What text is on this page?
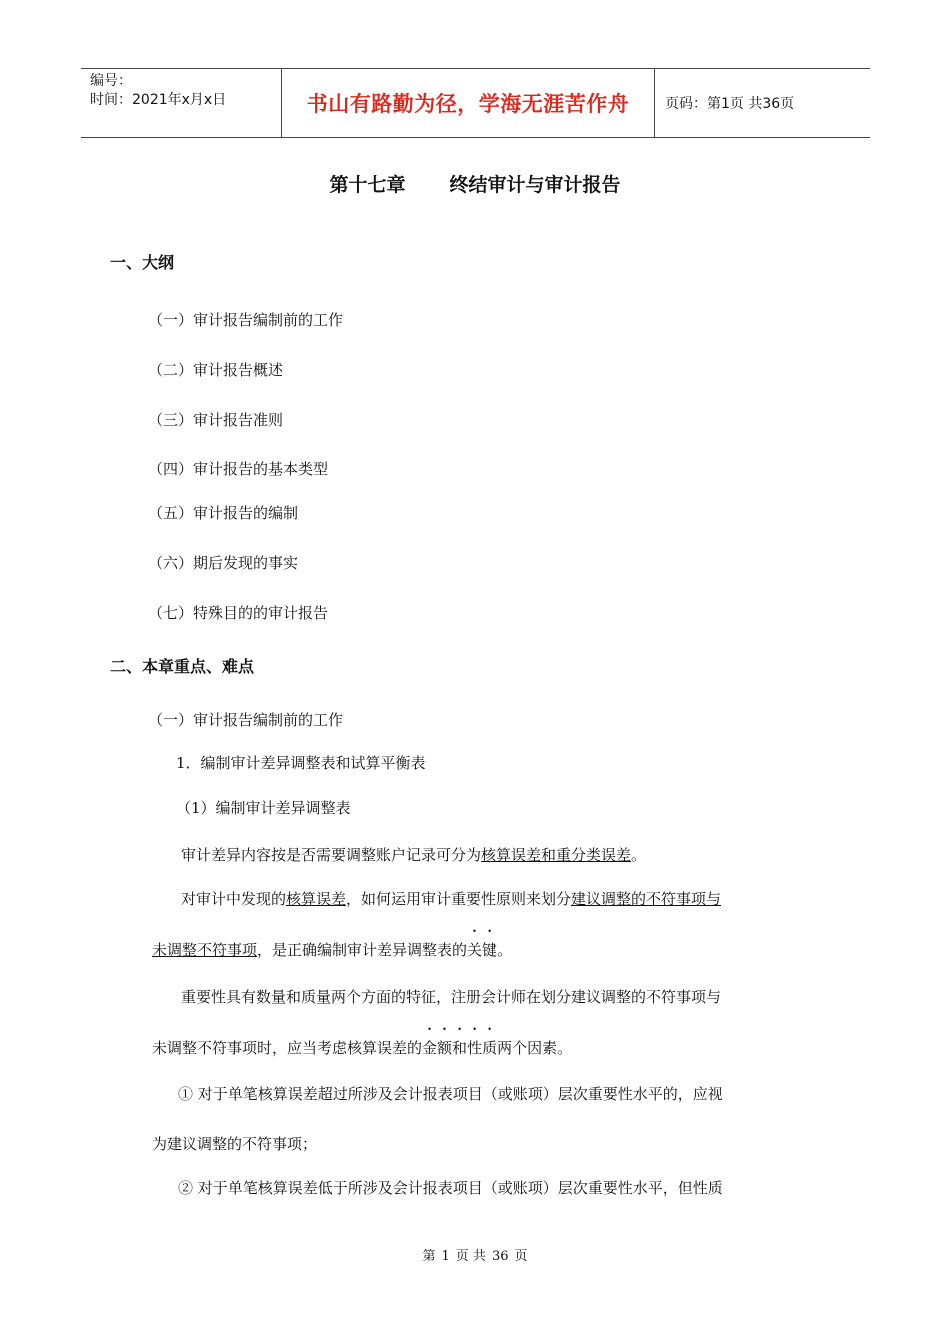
编号：
时间：2021年x月x日	书山有路勤为径，学海无涯苦作舟	页码：第1页 共36页
第十七章 终结审计与审计报告
一、大纲
（一）审计报告编制前的工作
（二）审计报告概述
（三）审计报告准则
（四）审计报告的基本类型
（五）审计报告的编制
（六）期后发现的事实
（七）特殊目的的审计报告
二、本章重点、难点
（一）审计报告编制前的工作
1．编制审计差异调整表和试算平衡表
（1）编制审计差异调整表
审计差异内容按是否需要调整账户记录可分为核算误差和重分类误差。
对审计中发现的核算误差，如何运用审计重要性原则来划分建议调整的不符事项与
未调整不符事项，是正确编制审计差异调整表的关键。
重要性具有数量和质量两个方面的特征，注册会计师在划分建议调整的不符事项与
未调整不符事项时，应当考虑核算误差的金额和性质两个因素。
① 对于单笔核算误差超过所涉及会计报表项目（或账项）层次重要性水平的，应视
为建议调整的不符事项；
② 对于单笔核算误差低于所涉及会计报表项目（或账项）层次重要性水平，但性质
第 1 页 共 36 页
